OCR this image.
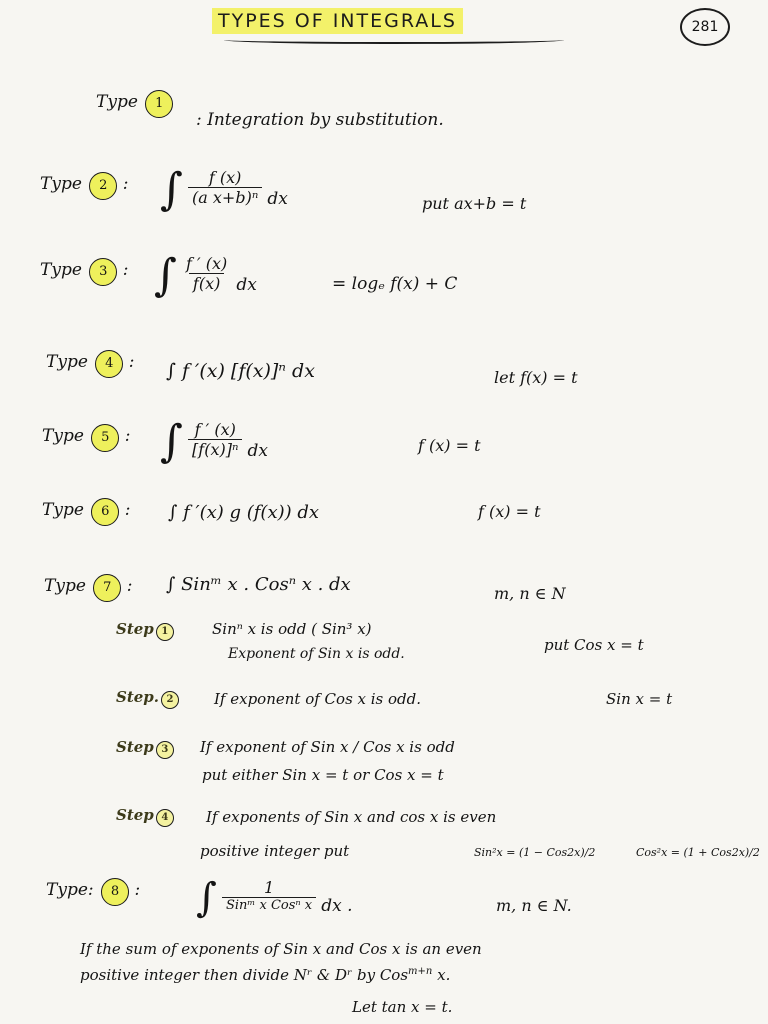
TYPES OF INTEGRALS	281
Type 1
: Integration by substitution.
Type 2 : ∫ $\frac{f (x)}{\text{(a x+b)ⁿ}}$ dx	put ax+b = t
Type 3 : ∫ $\frac{f ' (x)}{f(x)}$ dx	= logₑ f(x) + C
Type 4 : ∫ f ′(x) [f(x)]ⁿ dx	let f(x) = t
Type 5 : ∫ $\frac{f ' (x)}{\text{[f(x)]ⁿ}}$ dx	f (x) = t
Type 6 : ∫ f ′(x) g (f(x)) dx	f (x) = t
Type 7 : ∫ Sinᵐ x . Cosⁿ x . dx	m, n ∈ N
Step 1	Sinⁿ x is odd ( Sin³ x)
Exponent of Sin x is odd.	put Cos x = t
Step. 2	If exponent of Cos x is odd.	Sin x = t
Step 3	If exponent of Sin x / Cos x is odd
put either Sin x = t or Cos x = t
Step 4	If exponents of Sin x and cos x is even
positive integer put	Sin²x = (1 − Cos2x)/2	Cos²x = (1 + Cos2x)/2
Type: 8 : ∫ $\frac{1}{\text{Sinᵐ x Cosⁿ x}}$ dx .	m, n ∈ N.
If the sum of exponents of Sin x and Cos x is an even
positive integer then divide Nʳ & Dʳ by Cos$^{m+n}$ x.
Let tan x = t.
